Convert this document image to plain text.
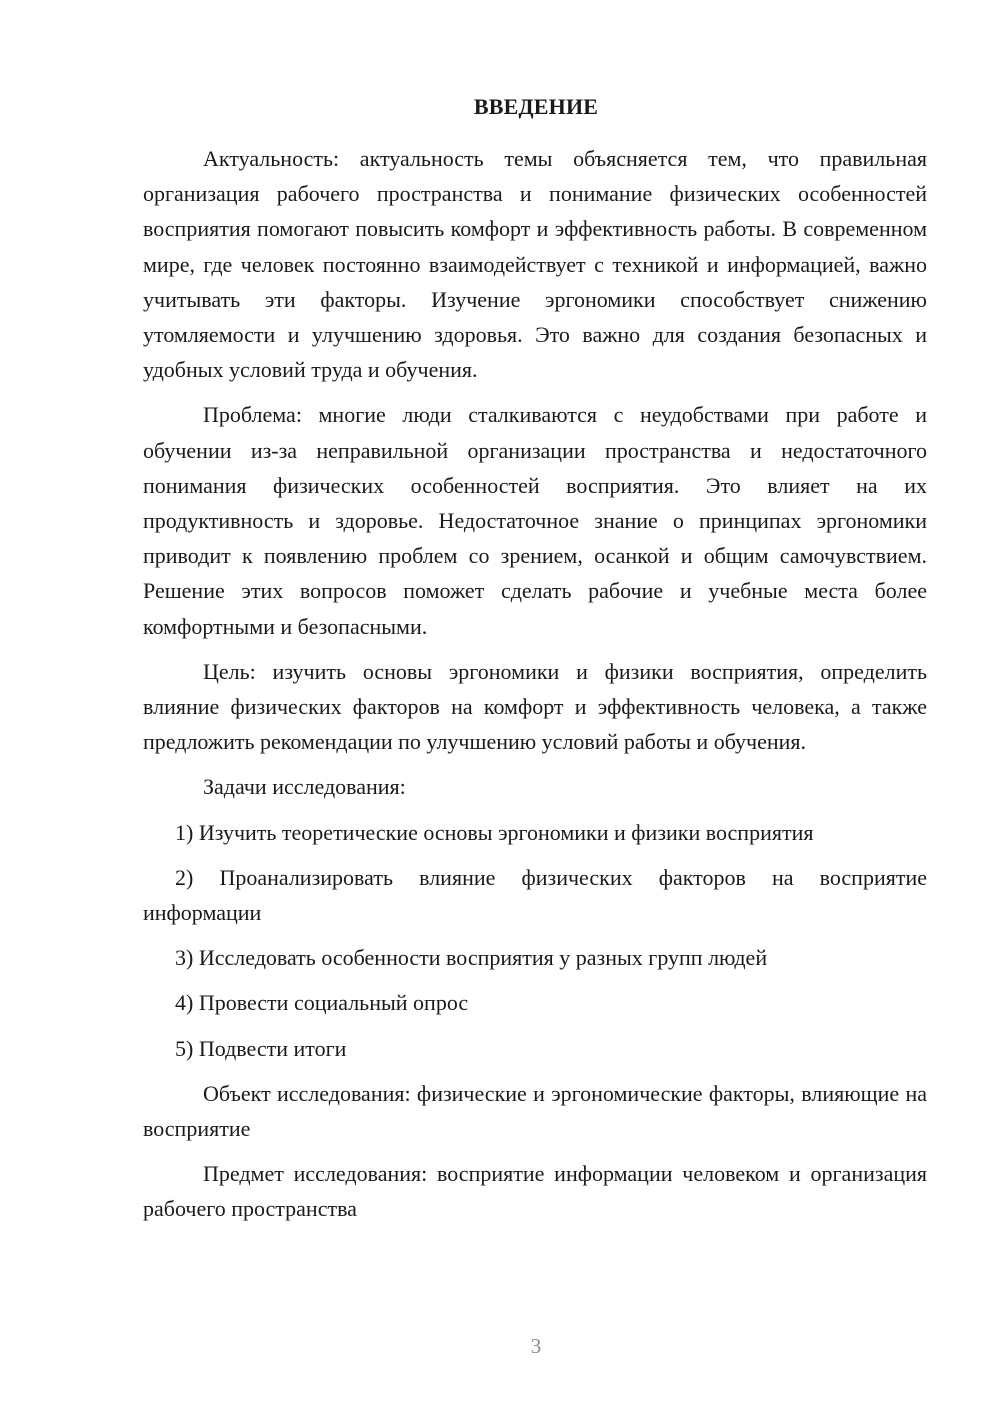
ВВЕДЕНИЕ

Актуальность: актуальность темы объясняется тем, что правильная организация рабочего пространства и понимание физических особенностей восприятия помогают повысить комфорт и эффективность работы. В современном мире, где человек постоянно взаимодействует с техникой и информацией, важно учитывать эти факторы. Изучение эргономики способствует снижению утомляемости и улучшению здоровья. Это важно для создания безопасных и удобных условий труда и обучения.

Проблема: многие люди сталкиваются с неудобствами при работе и обучении из-за неправильной организации пространства и недостаточного понимания физических особенностей восприятия. Это влияет на их продуктивность и здоровье. Недостаточное знание о принципах эргономики приводит к появлению проблем со зрением, осанкой и общим самочувствием. Решение этих вопросов поможет сделать рабочие и учебные места более комфортными и безопасными.

Цель: изучить основы эргономики и физики восприятия, определить влияние физических факторов на комфорт и эффективность человека, а также предложить рекомендации по улучшению условий работы и обучения.

Задачи исследования:

1) Изучить теоретические основы эргономики и физики восприятия

2) Проанализировать влияние физических факторов на восприятие информации

3) Исследовать особенности восприятия у разных групп людей

4) Провести социальный опрос

5) Подвести итоги

Объект исследования: физические и эргономические факторы, влияющие на восприятие

Предмет исследования: восприятие информации человеком и организация рабочего пространства

3
